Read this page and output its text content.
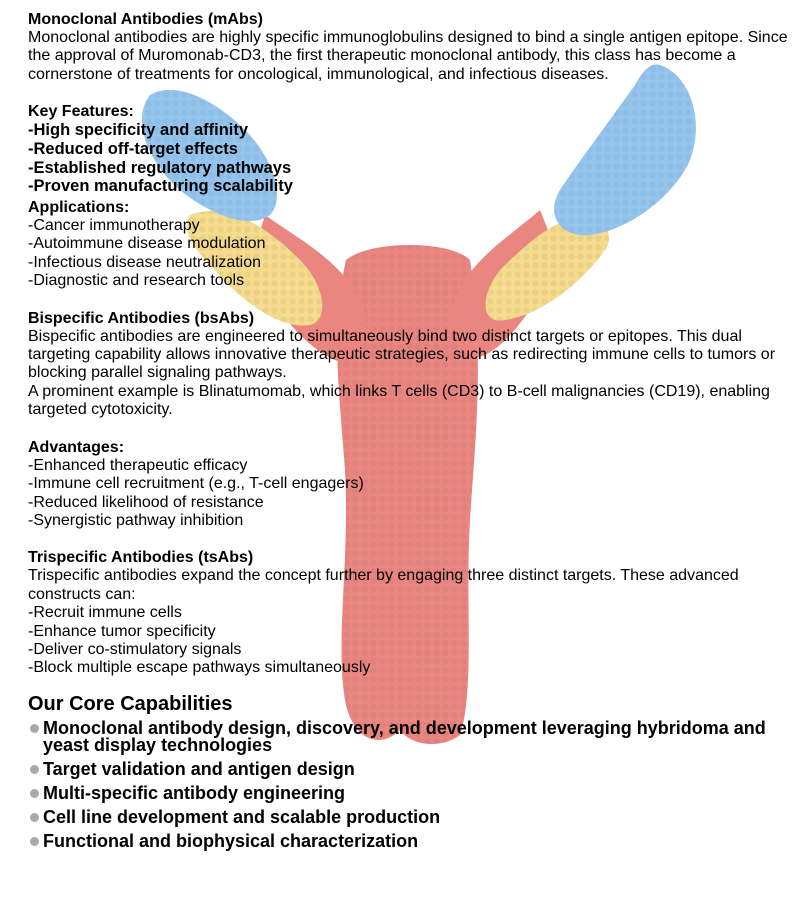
Monoclonal Antibodies (mAbs)

Monoclonal antibodies are highly specific immunoglobulins designed to bind a single antigen epitope. Since the approval of Muromonab-CD3, the first therapeutic monoclonal antibody, this class has become a cornerstone of treatments for oncological, immunological, and infectious diseases.

Key Features:

-High specificity and affinity
-Reduced off-target effects
-Established regulatory pathways
-Proven manufacturing scalability

Applications:

-Cancer immunotherapy
-Autoimmune disease modulation
-Infectious disease neutralization
-Diagnostic and research tools

Bispecific Antibodies (bsAbs)

Bispecific antibodies are engineered to simultaneously bind two distinct targets or epitopes. This dual targeting capability allows innovative therapeutic strategies, such as redirecting immune cells to tumors or blocking parallel signaling pathways.

A prominent example is Blinatumomab, which links T cells (CD3) to B-cell malignancies (CD19), enabling targeted cytotoxicity.

Advantages:

-Enhanced therapeutic efficacy
-Immune cell recruitment (e.g., T-cell engagers)
-Reduced likelihood of resistance
-Synergistic pathway inhibition

Trispecific Antibodies (tsAbs)

Trispecific antibodies expand the concept further by engaging three distinct targets. These advanced constructs can:

-Recruit immune cells
-Enhance tumor specificity
-Deliver co-stimulatory signals
-Block multiple escape pathways simultaneously

Our Core Capabilities

Monoclonal antibody design, discovery, and development leveraging hybridoma and yeast display technologies
Target validation and antigen design
Multi-specific antibody engineering
Cell line development and scalable production
Functional and biophysical characterization
